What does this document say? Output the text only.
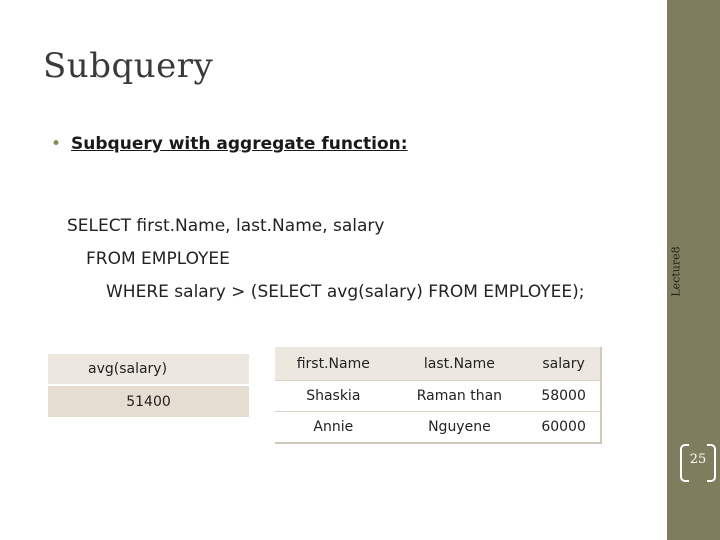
Subquery
• Subquery with aggregate function:
SELECT first.Name, last.Name, salary
FROM EMPLOYEE
WHERE salary > (SELECT avg(salary) FROM EMPLOYEE);	Lecture8
avg(salary)
51400
first.Name	last.Name	salary
Shaskia	Raman than	58000
Annie	Nguyene	60000
25
